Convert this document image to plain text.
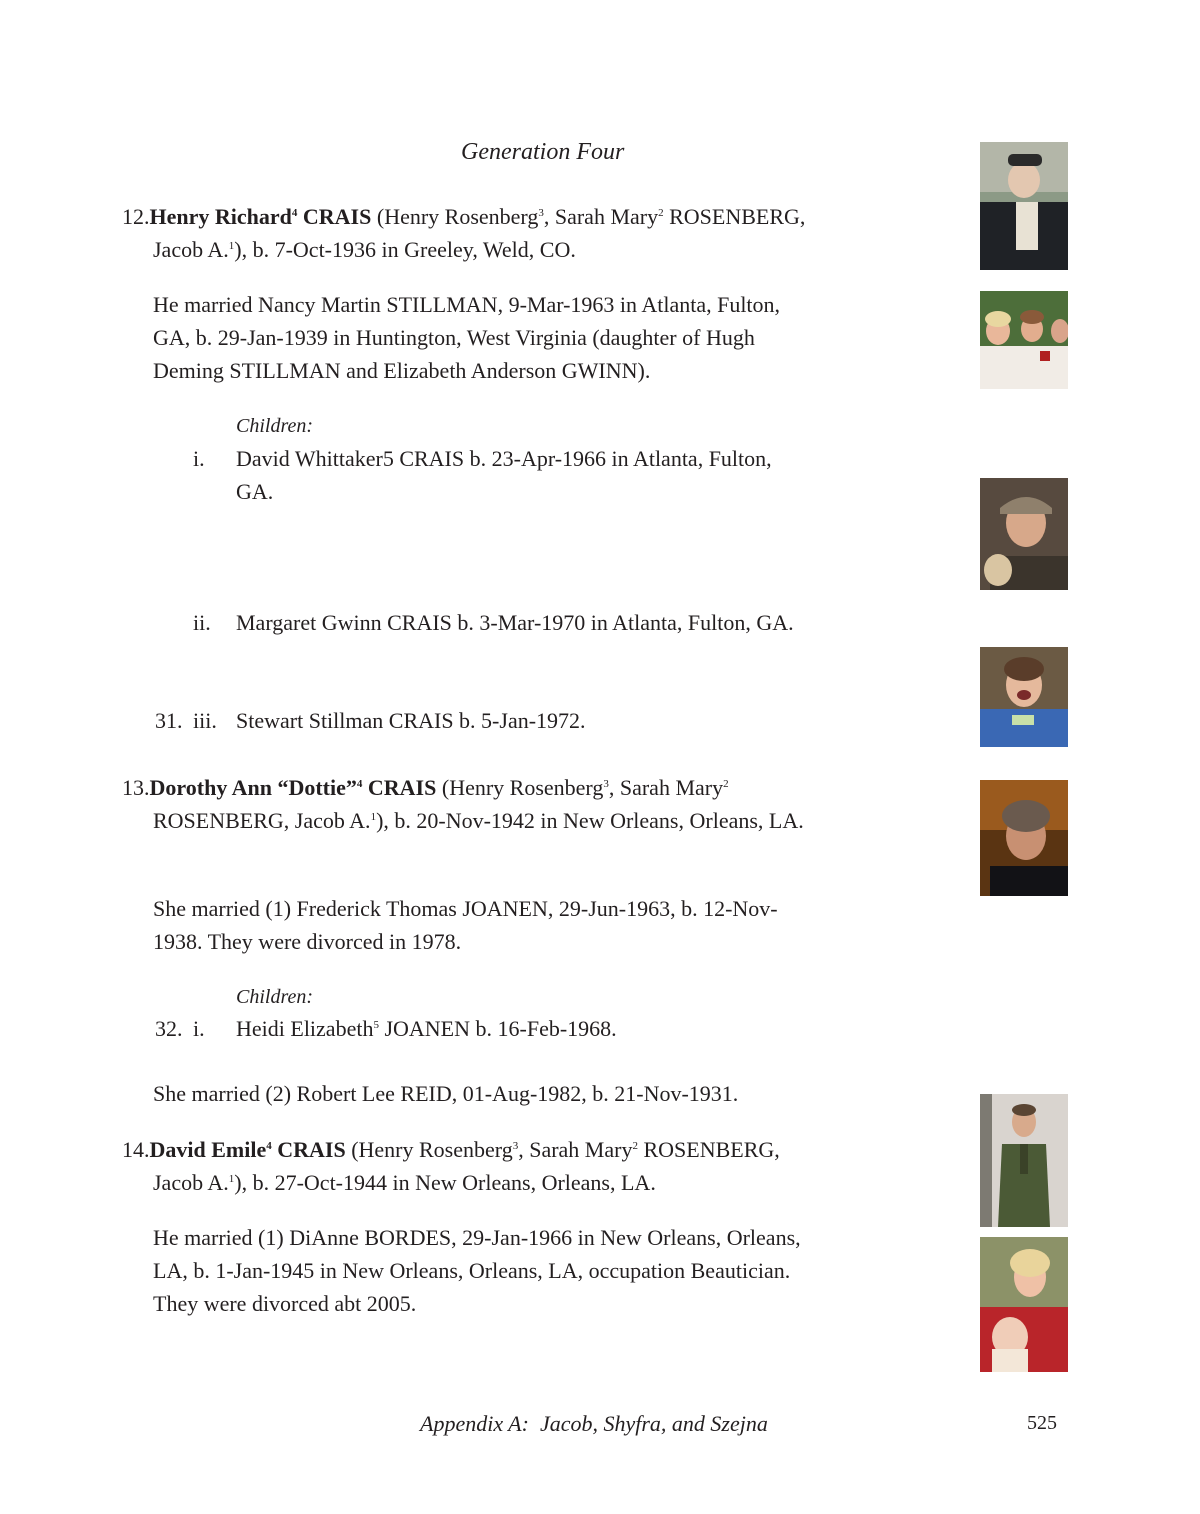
Generation Four
12.Henry Richard$^4$ CRAIS (Henry Rosenberg$^3$, Sarah Mary$^2$ ROSENBERG,
Jacob A.$^1$), b. 7-Oct-1936 in Greeley, Weld, CO.
He married Nancy Martin STILLMAN, 9-Mar-1963 in Atlanta, Fulton,
GA, b. 29-Jan-1939 in Huntington, West Virginia (daughter of Hugh
Deming STILLMAN and Elizabeth Anderson GWINN).
Children:
i. David Whittaker5 CRAIS b. 23-Apr-1966 in Atlanta, Fulton,
GA.
ii. Margaret Gwinn CRAIS b. 3-Mar-1970 in Atlanta, Fulton, GA.
31. iii. Stewart Stillman CRAIS b. 5-Jan-1972.
13.Dorothy Ann “Dottie”$^4$ CRAIS (Henry Rosenberg$^3$, Sarah Mary$^2$
ROSENBERG, Jacob A.$^1$), b. 20-Nov-1942 in New Orleans, Orleans, LA.
She married (1) Frederick Thomas JOANEN, 29-Jun-1963, b. 12-Nov-
1938. They were divorced in 1978.
Children:
32. i. Heidi Elizabeth$^5$ JOANEN b. 16-Feb-1968.
She married (2) Robert Lee REID, 01-Aug-1982, b. 21-Nov-1931.
14.David Emile$^4$ CRAIS (Henry Rosenberg$^3$, Sarah Mary$^2$ ROSENBERG,
Jacob A.$^1$), b. 27-Oct-1944 in New Orleans, Orleans, LA.
He married (1) DiAnne BORDES, 29-Jan-1966 in New Orleans, Orleans,
LA, b. 1-Jan-1945 in New Orleans, Orleans, LA, occupation Beautician.
They were divorced abt 2005.
Appendix A:  Jacob, Shyfra, and Szejna	525
